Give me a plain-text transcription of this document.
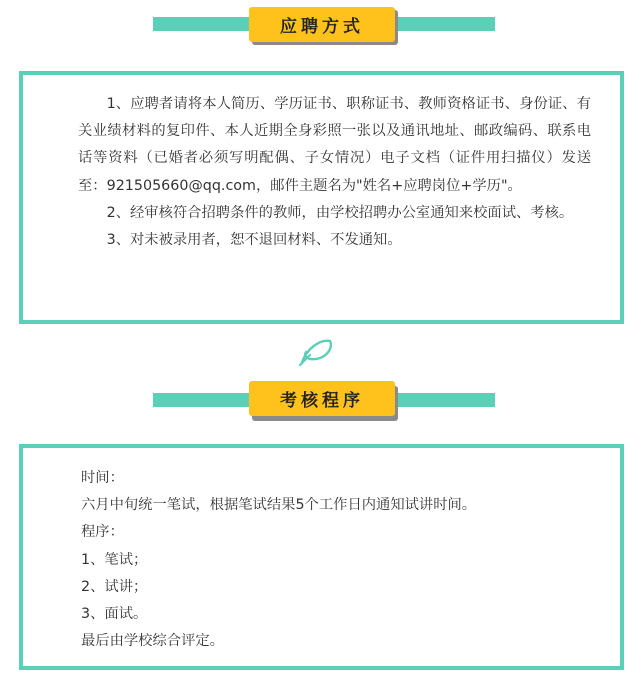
应聘方式

1、应聘者请将本人简历、学历证书、职称证书、教师资格证书、身份证、有关业绩材料的复印件、本人近期全身彩照一张以及通讯地址、邮政编码、联系电话等资料（已婚者必须写明配偶、子女情况）电子文档（证件用扫描仪）发送至：921505660@qq.com，邮件主题名为"姓名+应聘岗位+学历"。

2、经审核符合招聘条件的教师，由学校招聘办公室通知来校面试、考核。

3、对未被录用者，恕不退回材料、不发通知。

考核程序

时间：

六月中旬统一笔试，根据笔试结果5个工作日内通知试讲时间。

程序：

1、笔试；

2、试讲；

3、面试。

最后由学校综合评定。
